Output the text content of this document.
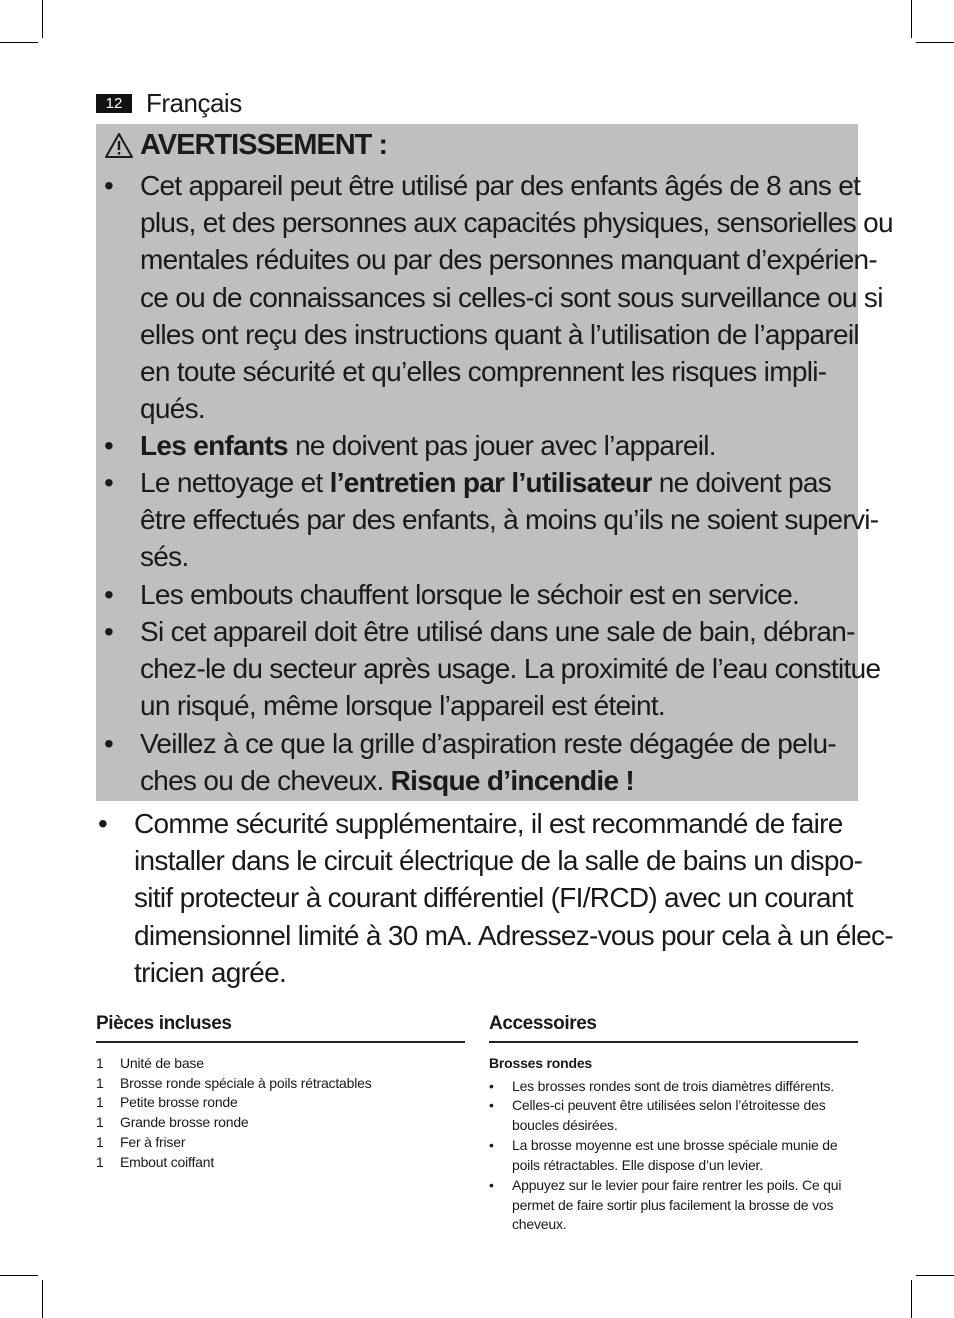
12 Français
AVERTISSEMENT :
• Cet appareil peut être utilisé par des enfants âgés de 8 ans et
plus, et des personnes aux capacités physiques, sensorielles ou
mentales réduites ou par des personnes manquant d’expérien-
ce ou de connaissances si celles-ci sont sous surveillance ou si
elles ont reçu des instructions quant à l’utilisation de l’appareil
en toute sécurité et qu’elles comprennent les risques impli-
qués.
• Les enfants ne doivent pas jouer avec l’appareil.
• Le nettoyage et l’entretien par l’utilisateur ne doivent pas
être effectués par des enfants, à moins qu’ils ne soient supervi-
sés.
• Les embouts chauffent lorsque le séchoir est en service.
• Si cet appareil doit être utilisé dans une sale de bain, débran-
chez-le du secteur après usage. La proximité de l’eau constitue
un risqué, même lorsque l’appareil est éteint.
• Veillez à ce que la grille d’aspiration reste dégagée de pelu-
ches ou de cheveux. Risque d’incendie !
• Comme sécurité supplémentaire, il est recommandé de faire
installer dans le circuit électrique de la salle de bains un dispo-
sitif protecteur à courant différentiel (FI/RCD) avec un courant
dimensionnel limité à 30 mA. Adressez-vous pour cela à un élec-
tricien agrée.
Pièces incluses
1 Unité de base
1 Brosse ronde spéciale à poils rétractables
1 Petite brosse ronde
1 Grande brosse ronde
1 Fer à friser
1 Embout coiffant
Accessoires
Brosses rondes
• Les brosses rondes sont de trois diamètres différents.
• Celles-ci peuvent être utilisées selon l’étroitesse des
boucles désirées.
• La brosse moyenne est une brosse spéciale munie de
poils rétractables. Elle dispose d’un levier.
• Appuyez sur le levier pour faire rentrer les poils. Ce qui
permet de faire sortir plus facilement la brosse de vos
cheveux.
